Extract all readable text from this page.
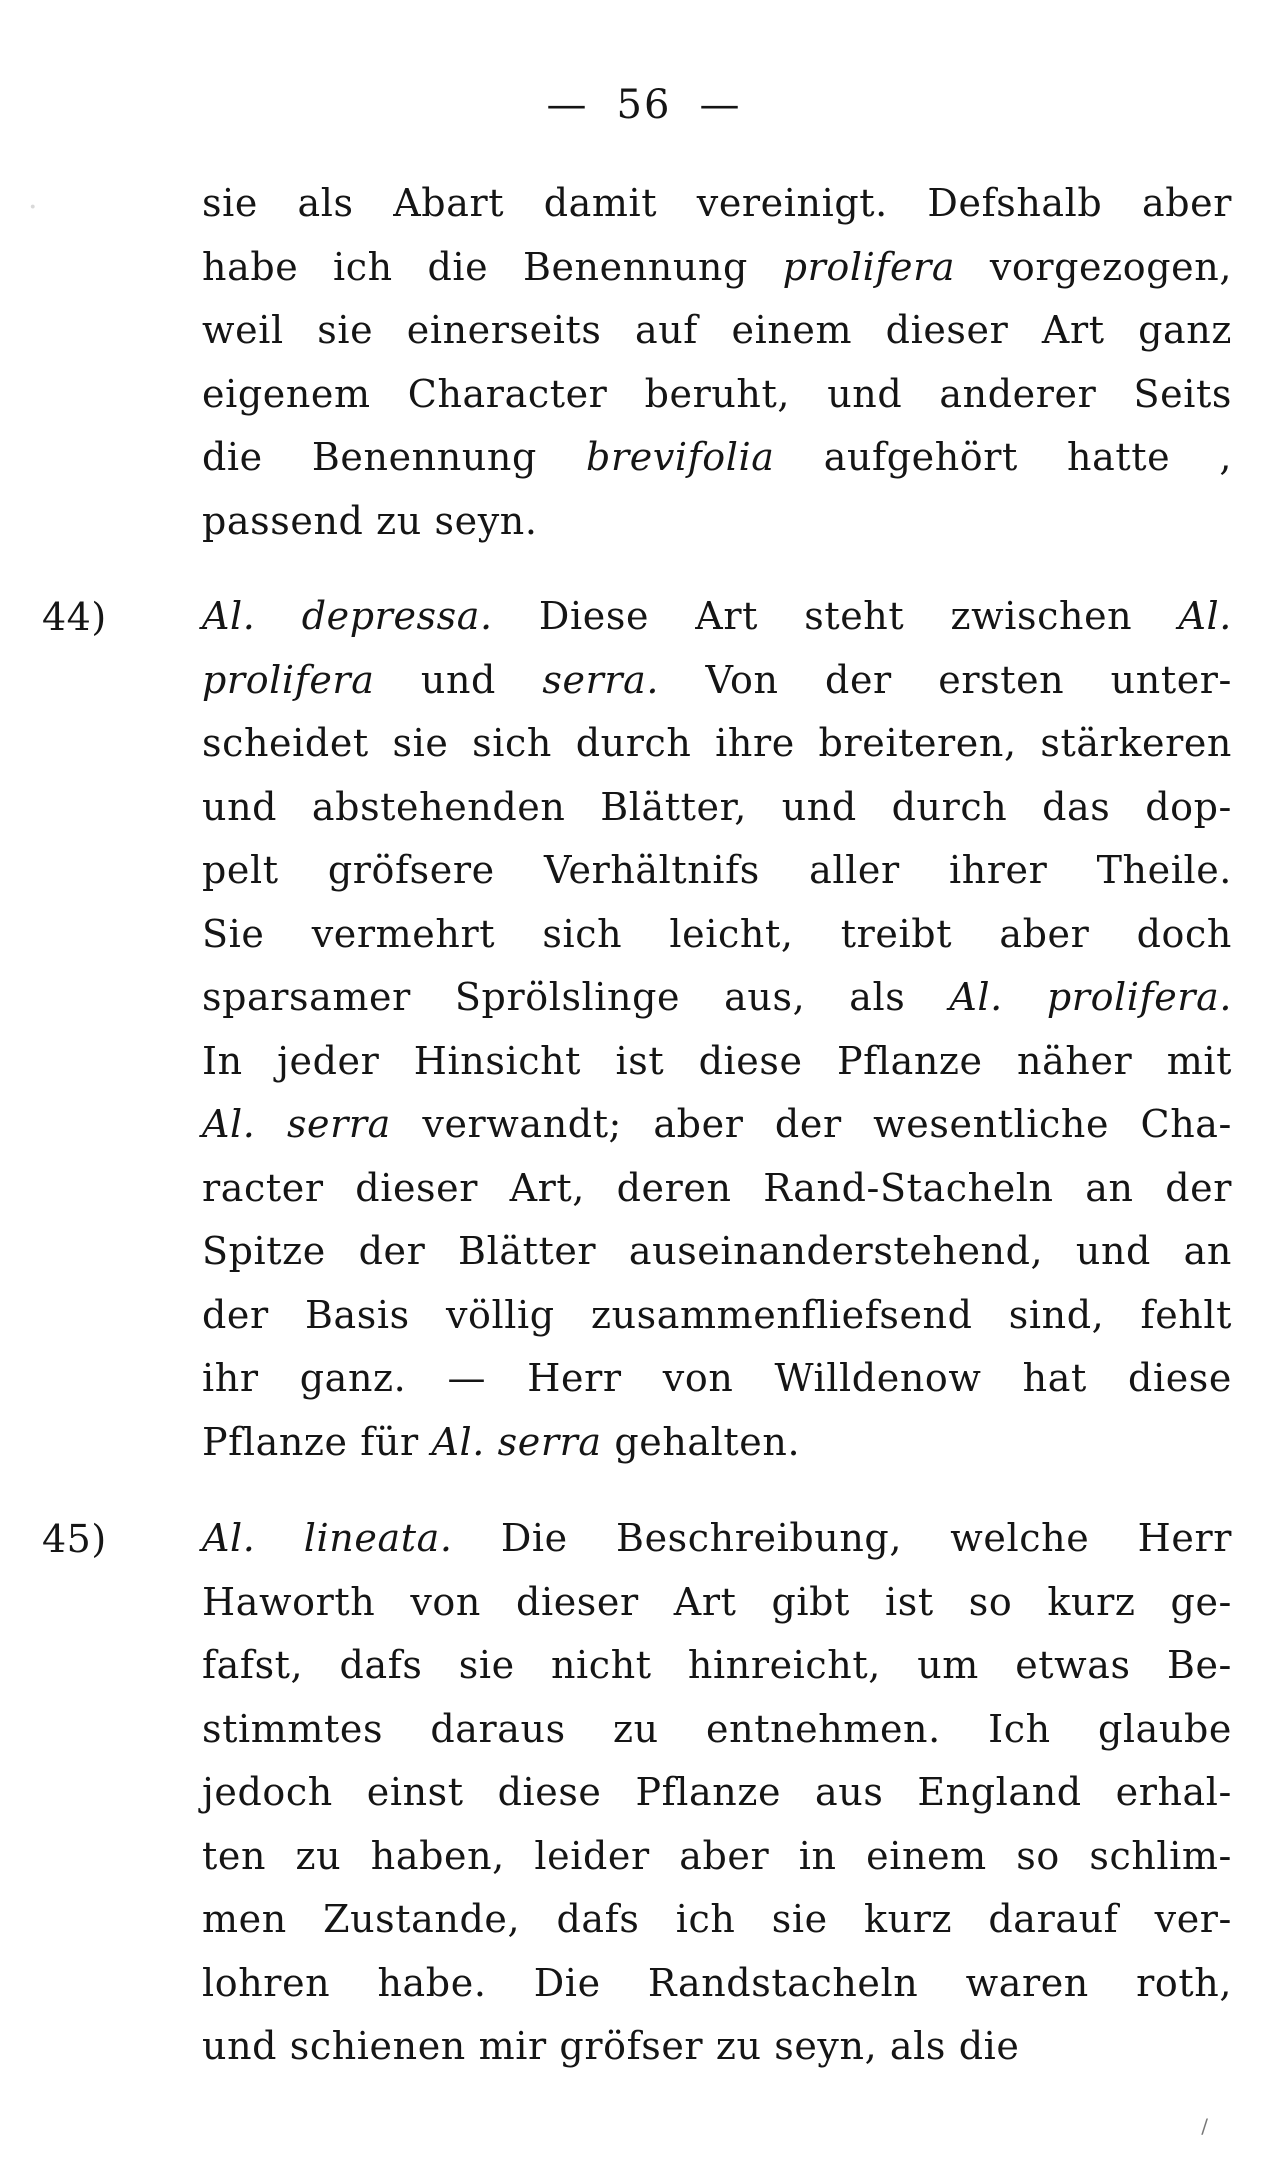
— 56 —
sie als Abart damit vereinigt. Defshalb aber
habe ich die Benennung prolifera vorgezogen,
weil sie einerseits auf einem dieser Art ganz
eigenem Character beruht, und anderer Seits
die Benennung brevifolia aufgehört hatte ,
passend zu seyn.
44)	Al. depressa. Diese Art steht zwischen Al.
prolifera und serra. Von der ersten unter-
scheidet sie sich durch ihre breiteren, stärkeren
und abstehenden Blätter, und durch das dop-
pelt gröfsere Verhältnifs aller ihrer Theile.
Sie vermehrt sich leicht, treibt aber doch
sparsamer Sprölslinge aus, als Al. prolifera.
In jeder Hinsicht ist diese Pflanze näher mit
Al. serra verwandt; aber der wesentliche Cha-
racter dieser Art, deren Rand-Stacheln an der
Spitze der Blätter auseinanderstehend, und an
der Basis völlig zusammenfliefsend sind, fehlt
ihr ganz. — Herr von Willdenow hat diese
Pflanze für Al. serra gehalten.
45)	Al. lineata. Die Beschreibung, welche Herr
Haworth von dieser Art gibt ist so kurz ge-
fafst, dafs sie nicht hinreicht, um etwas Be-
stimmtes daraus zu entnehmen. Ich glaube
jedoch einst diese Pflanze aus England erhal-
ten zu haben, leider aber in einem so schlim-
men Zustande, dafs ich sie kurz darauf ver-
lohren habe. Die Randstacheln waren roth,
und schienen mir gröfser zu seyn, als die
·
/
